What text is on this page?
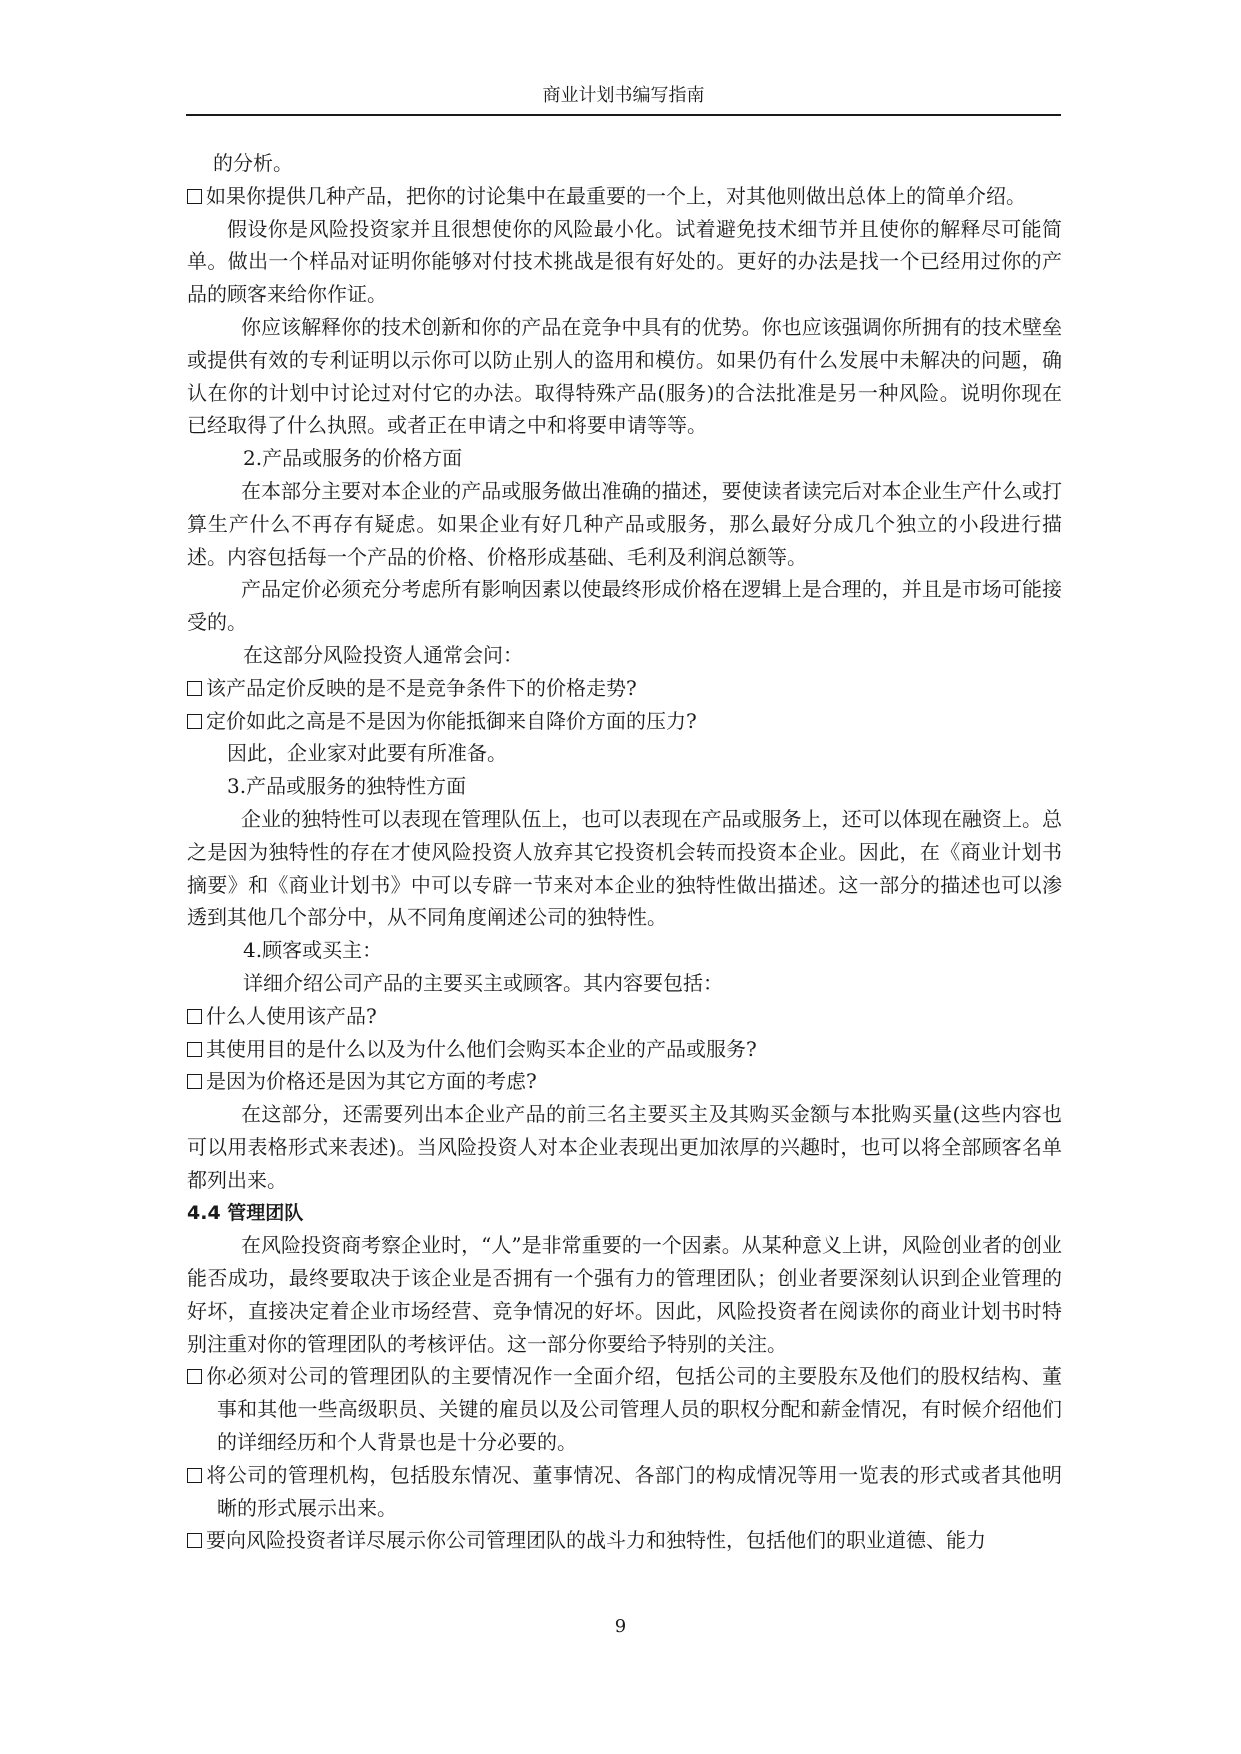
商业计划书编写指南

的分析。

如果你提供几种产品，把你的讨论集中在最重要的一个上，对其他则做出总体上的简单介绍。

假设你是风险投资家并且很想使你的风险最小化。试着避免技术细节并且使你的解释尽可能简单。做出一个样品对证明你能够对付技术挑战是很有好处的。更好的办法是找一个已经用过你的产品的顾客来给你作证。

你应该解释你的技术创新和你的产品在竞争中具有的优势。你也应该强调你所拥有的技术壁垒或提供有效的专利证明以示你可以防止别人的盗用和模仿。如果仍有什么发展中未解决的问题，确认在你的计划中讨论过对付它的办法。取得特殊产品(服务)的合法批准是另一种风险。说明你现在已经取得了什么执照。或者正在申请之中和将要申请等等。

2.产品或服务的价格方面

在本部分主要对本企业的产品或服务做出准确的描述，要使读者读完后对本企业生产什么或打算生产什么不再存有疑虑。如果企业有好几种产品或服务，那么最好分成几个独立的小段进行描述。内容包括每一个产品的价格、价格形成基础、毛利及利润总额等。

产品定价必须充分考虑所有影响因素以使最终形成价格在逻辑上是合理的，并且是市场可能接受的。

在这部分风险投资人通常会问：

该产品定价反映的是不是竞争条件下的价格走势?

定价如此之高是不是因为你能抵御来自降价方面的压力?

因此，企业家对此要有所准备。

3.产品或服务的独特性方面

企业的独特性可以表现在管理队伍上，也可以表现在产品或服务上，还可以体现在融资上。总之是因为独特性的存在才使风险投资人放弃其它投资机会转而投资本企业。因此，在《商业计划书摘要》和《商业计划书》中可以专辟一节来对本企业的独特性做出描述。这一部分的描述也可以渗透到其他几个部分中，从不同角度阐述公司的独特性。

4.顾客或买主：

详细介绍公司产品的主要买主或顾客。其内容要包括：

什么人使用该产品?

其使用目的是什么以及为什么他们会购买本企业的产品或服务?

是因为价格还是因为其它方面的考虑?

在这部分，还需要列出本企业产品的前三名主要买主及其购买金额与本批购买量(这些内容也可以用表格形式来表述)。当风险投资人对本企业表现出更加浓厚的兴趣时，也可以将全部顾客名单都列出来。

4.4 管理团队

在风险投资商考察企业时，“人”是非常重要的一个因素。从某种意义上讲，风险创业者的创业能否成功，最终要取决于该企业是否拥有一个强有力的管理团队；创业者要深刻认识到企业管理的好坏，直接决定着企业市场经营、竞争情况的好坏。因此，风险投资者在阅读你的商业计划书时特别注重对你的管理团队的考核评估。这一部分你要给予特别的关注。

你必须对公司的管理团队的主要情况作一全面介绍，包括公司的主要股东及他们的股权结构、董事和其他一些高级职员、关键的雇员以及公司管理人员的职权分配和薪金情况，有时候介绍他们的详细经历和个人背景也是十分必要的。

将公司的管理机构，包括股东情况、董事情况、各部门的构成情况等用一览表的形式或者其他明晰的形式展示出来。

要向风险投资者详尽展示你公司管理团队的战斗力和独特性，包括他们的职业道德、能力

9
